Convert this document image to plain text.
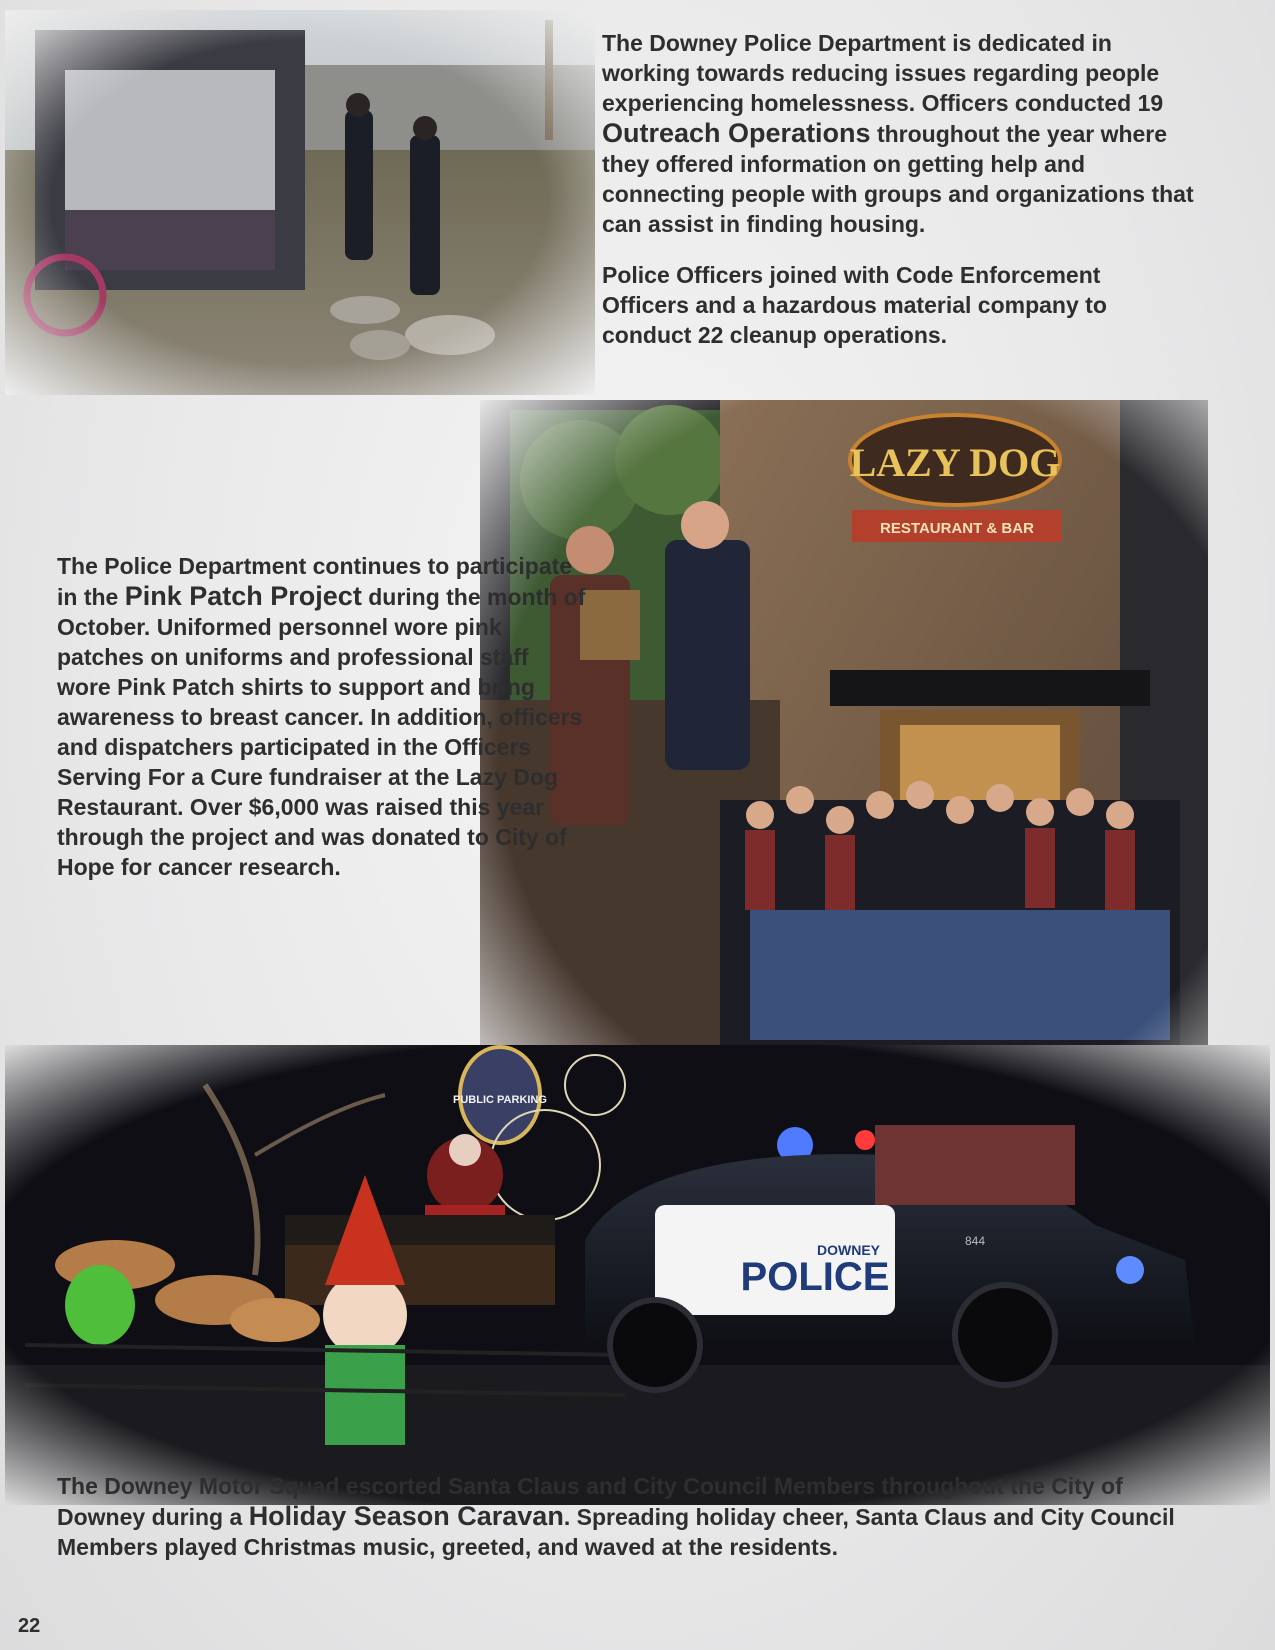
The Downey Police Department is dedicated in working towards reducing issues regarding people experiencing homelessness. Officers conducted 19 Outreach Operations throughout the year where they offered information on getting help and connecting people with groups and organizations that can assist in finding housing.

Police Officers joined with Code Enforcement Officers and a hazardous material company to conduct 22 cleanup operations.

The Police Department continues to participate in the Pink Patch Project during the month of October. Uniformed personnel wore pink patches on uniforms and professional staff wore Pink Patch shirts to support and bring awareness to breast cancer. In addition, officers and dispatchers participated in the Officers Serving For a Cure fundraiser at the Lazy Dog Restaurant. Over $6,000 was raised this year through the project and was donated to City of Hope for cancer research.

The Downey Motor Squad escorted Santa Claus and City Council Members throughout the City of Downey during a Holiday Season Caravan. Spreading holiday cheer, Santa Claus and City Council Members played Christmas music, greeted, and waved at the residents.

22
